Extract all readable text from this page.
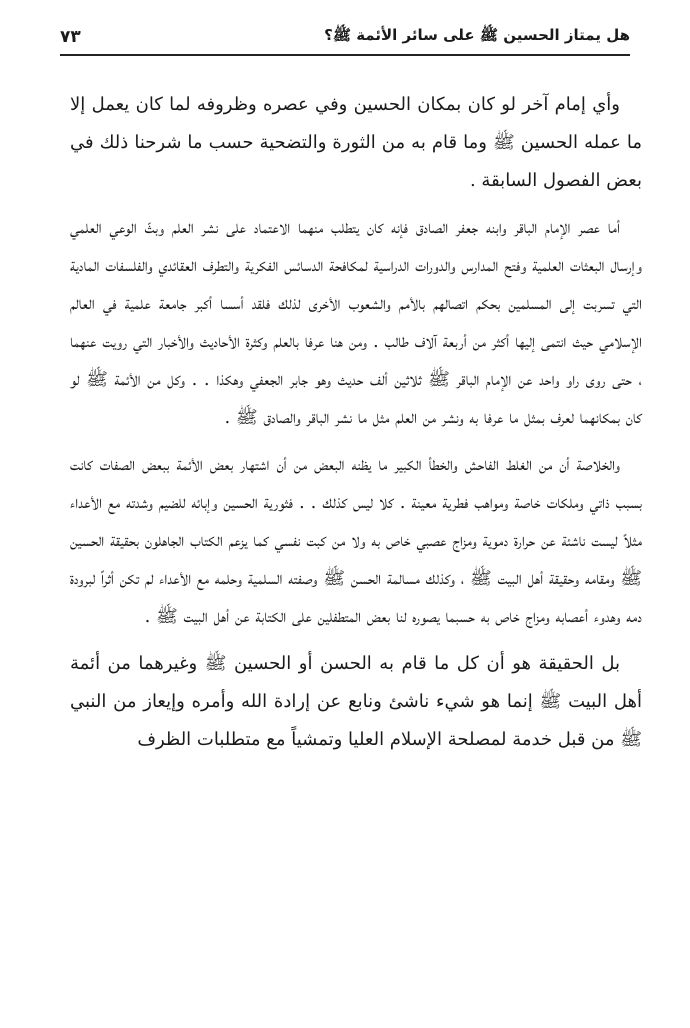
هل يمتاز الحسين ﷺ على سائر الأئمة ﷺ؟
٧٣

وأي إمام آخر لو كان بمكان الحسين وفي عصره وظروفه لما كان يعمل إلا ما عمله الحسين ﷺ وما قام به من الثورة والتضحية حسب ما شرحنا ذلك في بعض الفصول السابقة .

أما عصر الإمام الباقر وابنه جعفر الصادق فإنه كان يتطلب منهما الاعتماد على نشر العلم وبثّ الوعي العلمي وإرسال البعثات العلمية وفتح المدارس والدورات الدراسية لمكافحة الدسائس الفكرية والتطرف العقائدي والفلسفات المادية التي تسربت إلى المسلمين بحكم اتصالهم بالأمم والشعوب الأخرى لذلك فلقد أسسا أكبر جامعة علمية في العالم الإسلامي حيث انتمى إليها أكثر من أربعة آلاف طالب . ومن هنا عرفا بالعلم وكثرة الأحاديث والأخبار التي رويت عنهما ، حتى روى راو واحد عن الإمام الباقر ﷺ ثلاثين ألف حديث وهو جابر الجعفي وهكذا . . وكل من الأئمة ﷺ لو كان بمكانهما لعرف بمثل ما عرفا به ونشر من العلم مثل ما نشر الباقر والصادق ﷺ .

والخلاصة أن من الغلط الفاحش والخطأ الكبير ما يظنه البعض من أن اشتهار بعض الأئمة ببعض الصفات كانت بسبب ذاتي وملكات خاصة ومواهب فطرية معينة . كلا ليس كذلك . . فثورية الحسين وإبائه للضيم وشدته مع الأعداء مثلاً ليست ناشئة عن حرارة دموية ومزاج عصبي خاص به ولا من كبت نفسي كما يزعم الكتاب الجاهلون بحقيقة الحسين ﷺ ومقامه وحقيقة أهل البيت ﷺ ، وكذلك مسالمة الحسن ﷺ وصفته السلمية وحلمه مع الأعداء لم تكن أثراً لبرودة دمه وهدوء أعصابه ومزاج خاص به حسبما يصوره لنا بعض المتطفلين على الكتابة عن أهل البيت ﷺ .

بل الحقيقة هو أن كل ما قام به الحسن أو الحسين ﷺ وغيرهما من أئمة أهل البيت ﷺ إنما هو شيء ناشئ ونابع عن إرادة الله وأمره وإيعاز من النبي ﷺ من قبل خدمة لمصلحة الإسلام العليا وتمشياً مع متطلبات الظرف
